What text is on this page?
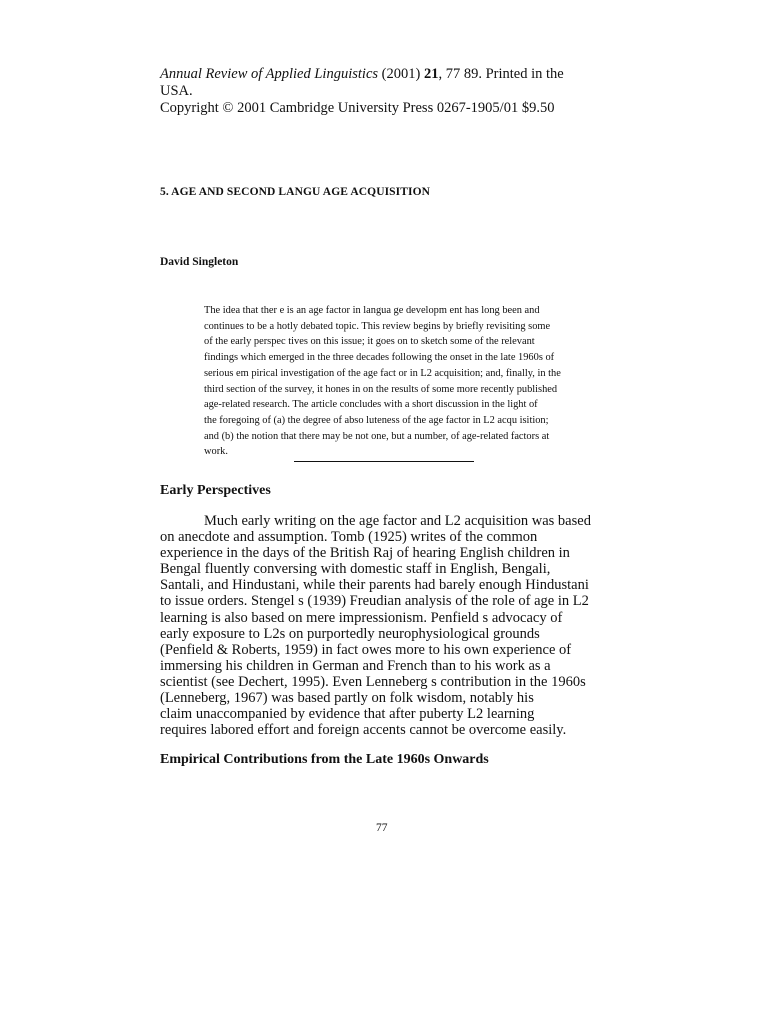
Annual Review of Applied Linguistics (2001) 21, 77 89. Printed in the
USA.
Copyright © 2001 Cambridge University Press 0267-1905/01 $9.50
5. AGE AND SECOND LANGU AGE ACQUISITION
David Singleton
The idea that ther e is an age factor in langua ge developm ent has long been and
continues to be a hotly debated topic. This review begins by briefly revisiting some
of the early perspec tives on this issue; it goes on to sketch some of the relevant
findings which emerged in the three decades following the onset in the late 1960s of
serious em pirical investigation of the age fact or in L2 acquisition; and, finally, in the
third section of the survey, it hones in on the results of some more recently published
age-related research. The article concludes with a short discussion in the light of
the foregoing of (a) the degree of abso luteness of the age factor in L2 acqu isition;
and (b) the notion that there may be not one, but a number, of age-related factors at
work.
Early Perspectives
Much early writing on the age factor and L2 acquisition was based
on anecdote and assumption. Tomb (1925) writes of the common
experience in the days of the British Raj of hearing English children in
Bengal fluently conversing with domestic staff in English, Bengali,
Santali, and Hindustani, while their parents had barely enough Hindustani
to issue orders. Stengel s (1939) Freudian analysis of the role of age in L2
learning is also based on mere impressionism. Penfield s advocacy of
early exposure to L2s on purportedly neurophysiological grounds
(Penfield & Roberts, 1959) in fact owes more to his own experience of
immersing his children in German and French than to his work as a
scientist (see Dechert, 1995). Even Lenneberg s contribution in the 1960s
(Lenneberg, 1967) was based partly on folk wisdom, notably his
claim unaccompanied by evidence that after puberty L2 learning
requires labored effort and foreign accents cannot be overcome easily.
Empirical Contributions from the Late 1960s Onwards
77
